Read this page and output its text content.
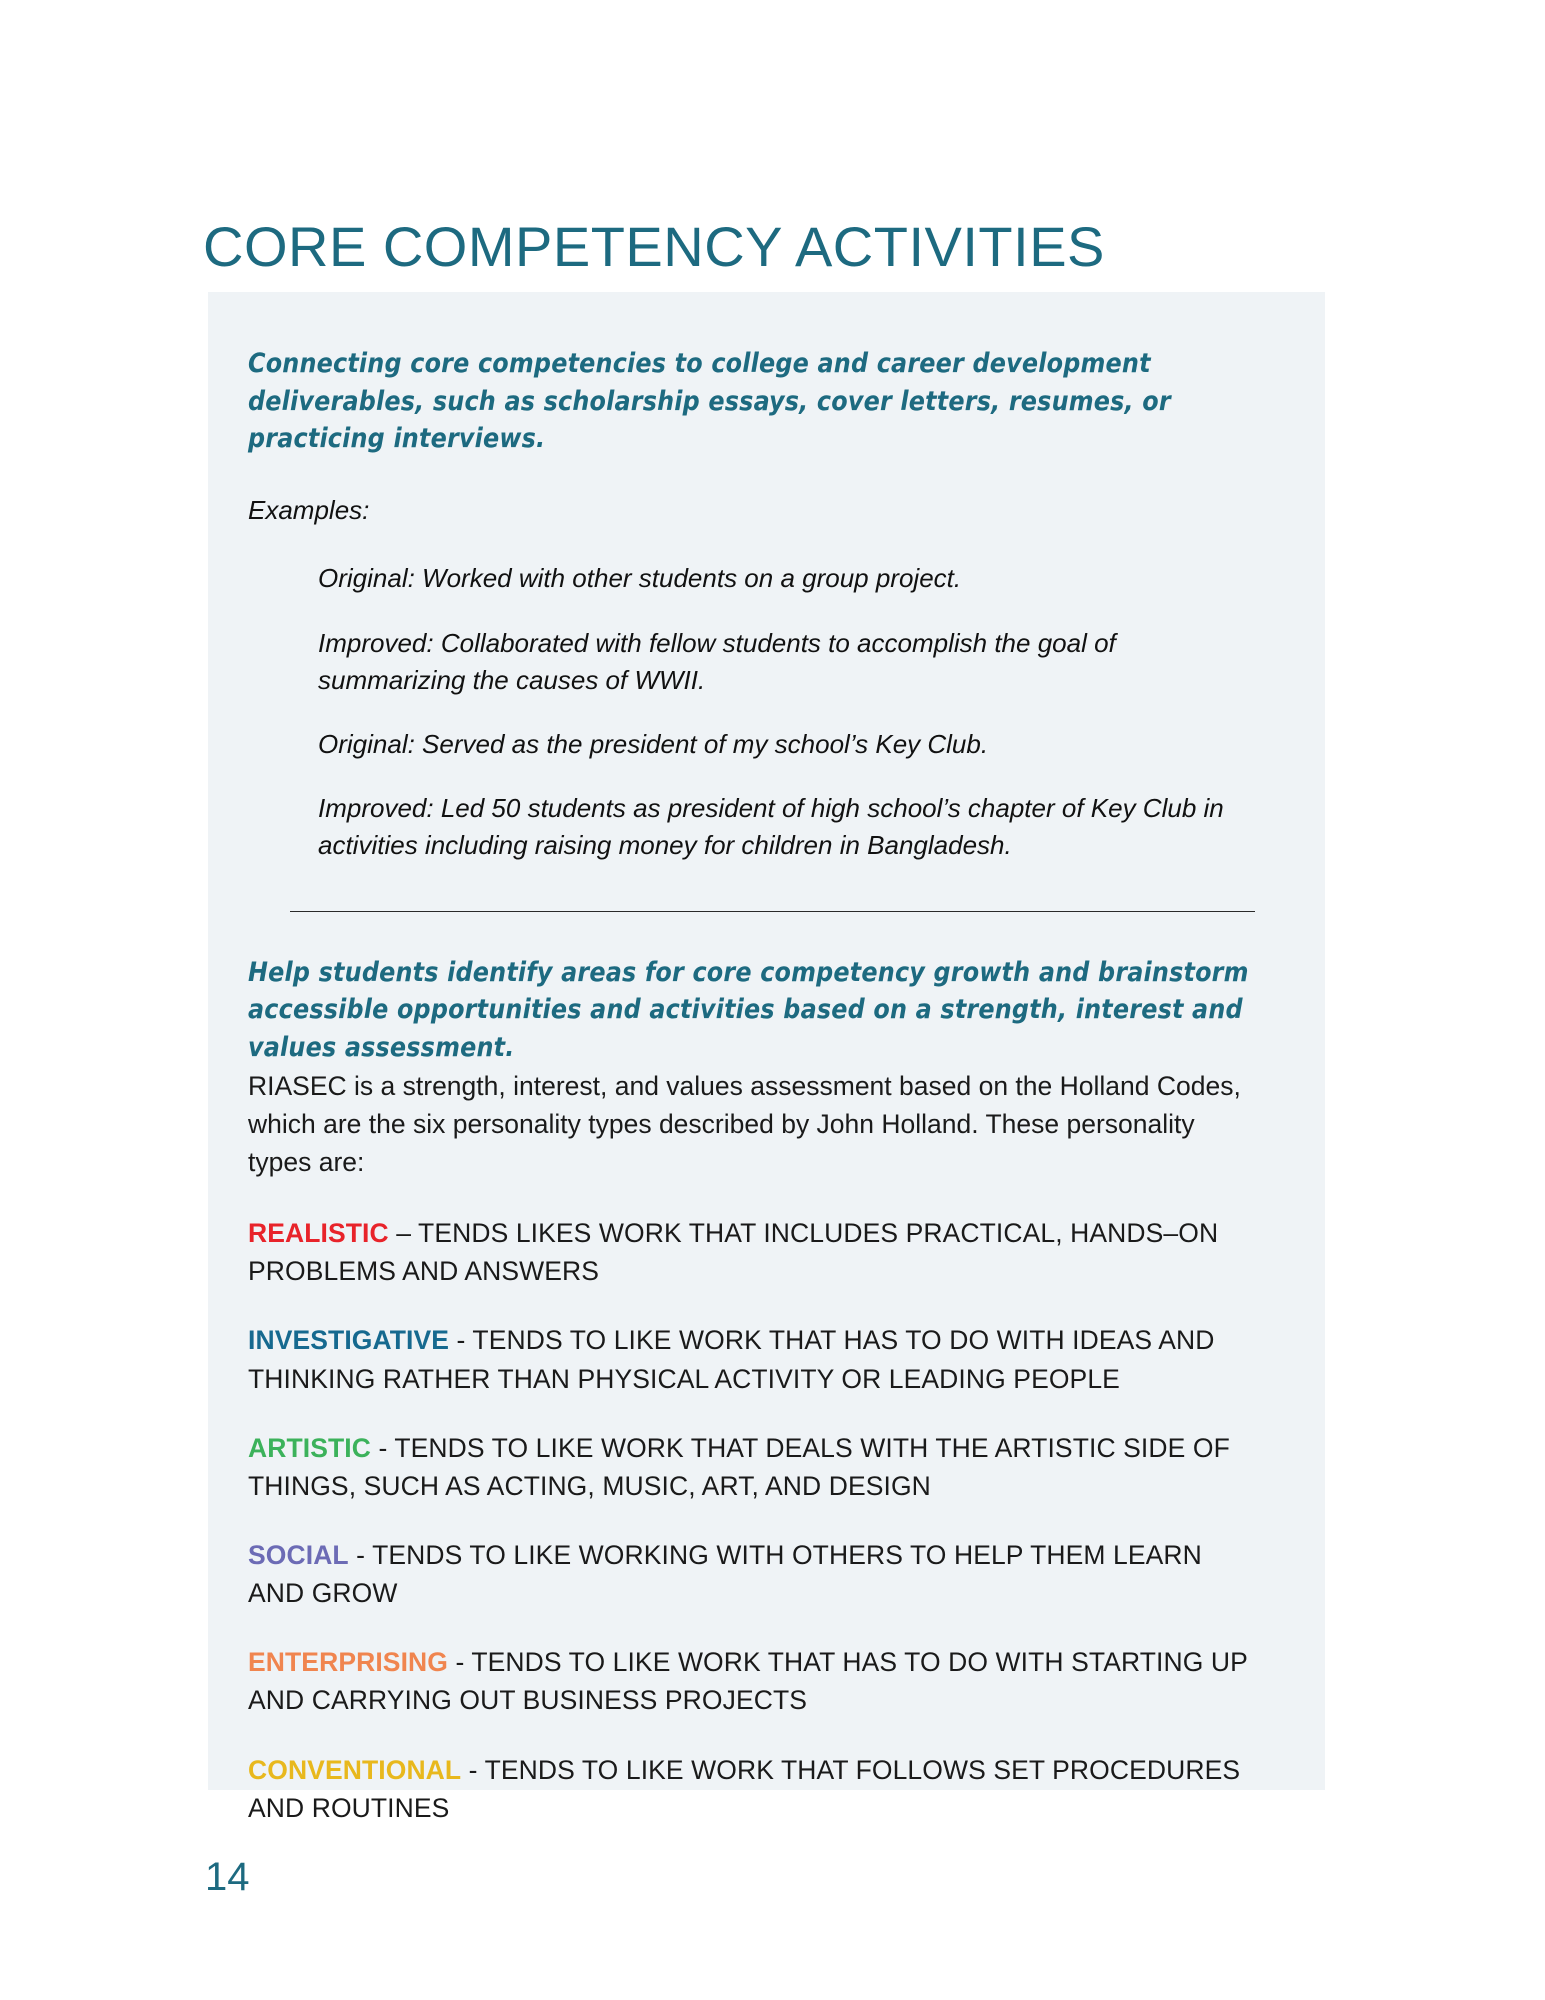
CORE COMPETENCY ACTIVITIES

Connecting core competencies to college and career development deliverables, such as scholarship essays, cover letters, resumes, or practicing interviews.

Examples:

Original: Worked with other students on a group project.

Improved: Collaborated with fellow students to accomplish the goal of summarizing the causes of WWII.

Original: Served as the president of my school’s Key Club.

Improved: Led 50 students as president of high school’s chapter of Key Club in activities including raising money for children in Bangladesh.

Help students identify areas for core competency growth and brainstorm accessible opportunities and activities based on a strength, interest and values assessment.

RIASEC is a strength, interest, and values assessment based on the Holland Codes, which are the six personality types described by John Holland. These personality types are:

REALISTIC – TENDS LIKES WORK THAT INCLUDES PRACTICAL, HANDS–ON PROBLEMS AND ANSWERS

INVESTIGATIVE - TENDS TO LIKE WORK THAT HAS TO DO WITH IDEAS AND THINKING RATHER THAN PHYSICAL ACTIVITY OR LEADING PEOPLE

ARTISTIC - TENDS TO LIKE WORK THAT DEALS WITH THE ARTISTIC SIDE OF THINGS, SUCH AS ACTING, MUSIC, ART, AND DESIGN

SOCIAL - TENDS TO LIKE WORKING WITH OTHERS TO HELP THEM LEARN AND GROW

ENTERPRISING - TENDS TO LIKE WORK THAT HAS TO DO WITH STARTING UP AND CARRYING OUT BUSINESS PROJECTS

CONVENTIONAL - TENDS TO LIKE WORK THAT FOLLOWS SET PROCEDURES AND ROUTINES

14
